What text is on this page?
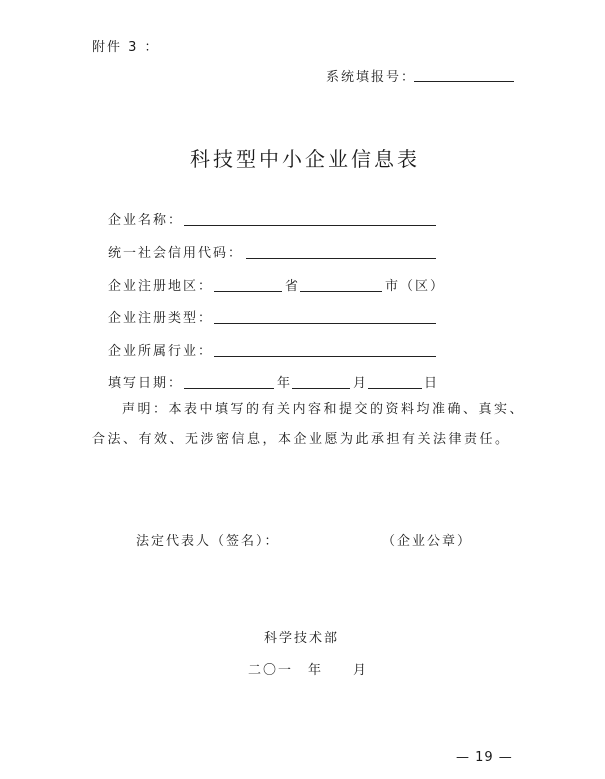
附件 3 ：
系统填报号：
科技型中小企业信息表
企业名称：
统一社会信用代码：
企业注册地区：	省	市（区）
企业注册类型：
企业所属行业：
填写日期：	年	月	日
声明：本表中填写的有关内容和提交的资料均准确、真实、
合法、有效、无涉密信息，本企业愿为此承担有关法律责任。
法定代表人（签名）：	（企业公章）
科学技术部
二〇一　年　　月
— 19 —
